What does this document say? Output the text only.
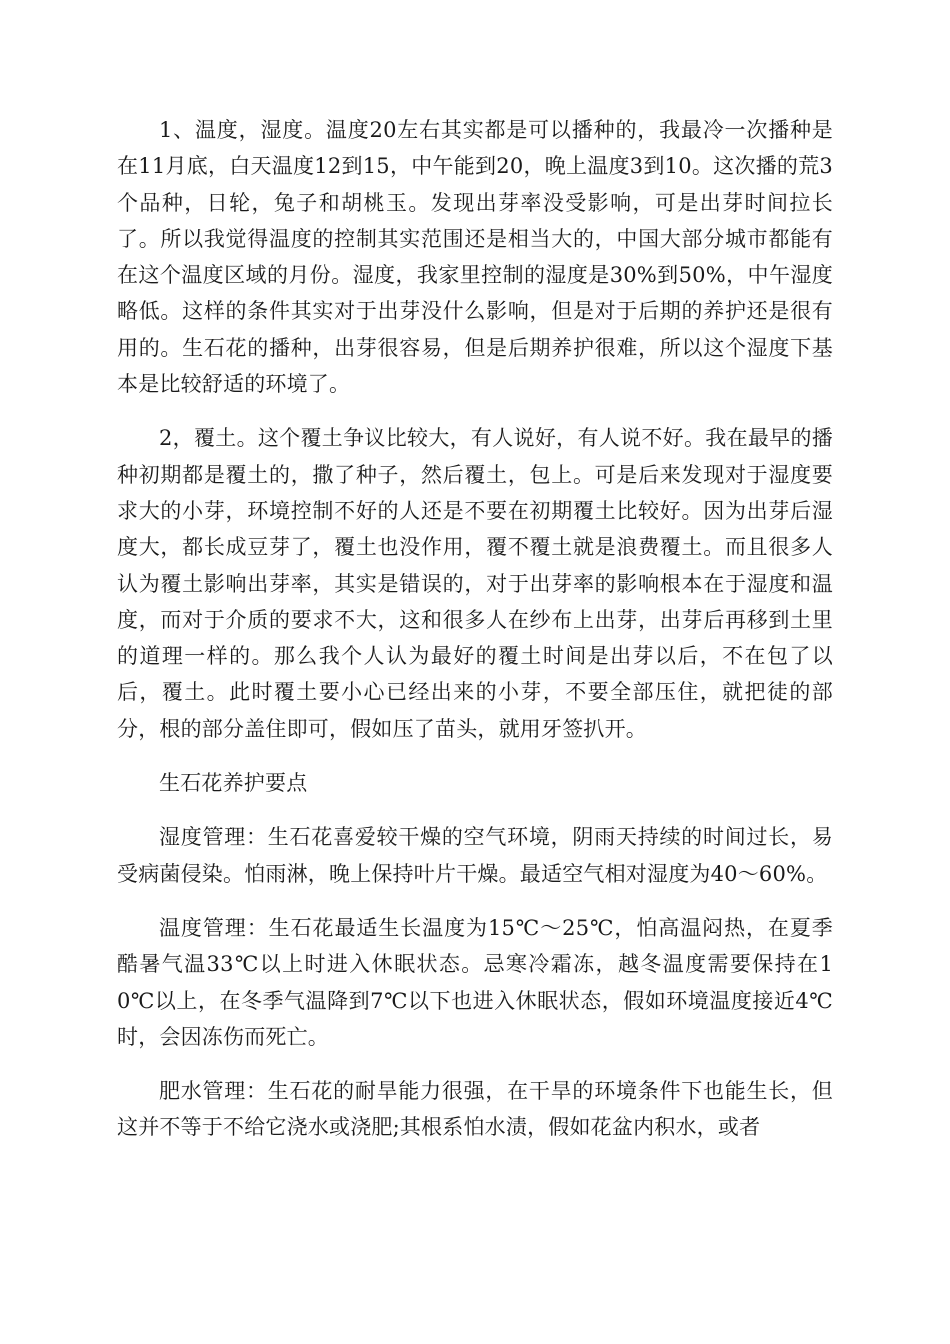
1、温度，湿度。温度20左右其实都是可以播种的，我最冷一次播种是在11月底，白天温度12到15，中午能到20，晚上温度3到10。这次播的荒3个品种，日轮，兔子和胡桃玉。发现出芽率没受影响，可是出芽时间拉长了。所以我觉得温度的控制其实范围还是相当大的，中国大部分城市都能有在这个温度区域的月份。湿度，我家里控制的湿度是30%到50%，中午湿度略低。这样的条件其实对于出芽没什么影响，但是对于后期的养护还是很有用的。生石花的播种，出芽很容易，但是后期养护很难，所以这个湿度下基本是比较舒适的环境了。

2，覆土。这个覆土争议比较大，有人说好，有人说不好。我在最早的播种初期都是覆土的，撒了种子，然后覆土，包上。可是后来发现对于湿度要求大的小芽，环境控制不好的人还是不要在初期覆土比较好。因为出芽后湿度大，都长成豆芽了，覆土也没作用，覆不覆土就是浪费覆土。而且很多人认为覆土影响出芽率，其实是错误的，对于出芽率的影响根本在于湿度和温度，而对于介质的要求不大，这和很多人在纱布上出芽，出芽后再移到土里的道理一样的。那么我个人认为最好的覆土时间是出芽以后，不在包了以后，覆土。此时覆土要小心已经出来的小芽，不要全部压住，就把徒的部分，根的部分盖住即可，假如压了苗头，就用牙签扒开。

生石花养护要点

湿度管理：生石花喜爱较干燥的空气环境，阴雨天持续的时间过长，易受病菌侵染。怕雨淋，晚上保持叶片干燥。最适空气相对湿度为40～60%。

温度管理：生石花最适生长温度为15℃～25℃，怕高温闷热，在夏季酷暑气温33℃以上时进入休眠状态。忌寒冷霜冻，越冬温度需要保持在10℃以上，在冬季气温降到7℃以下也进入休眠状态，假如环境温度接近4℃时，会因冻伤而死亡。

肥水管理：生石花的耐旱能力很强，在干旱的环境条件下也能生长，但这并不等于不给它浇水或浇肥;其根系怕水渍，假如花盆内积水，或者
